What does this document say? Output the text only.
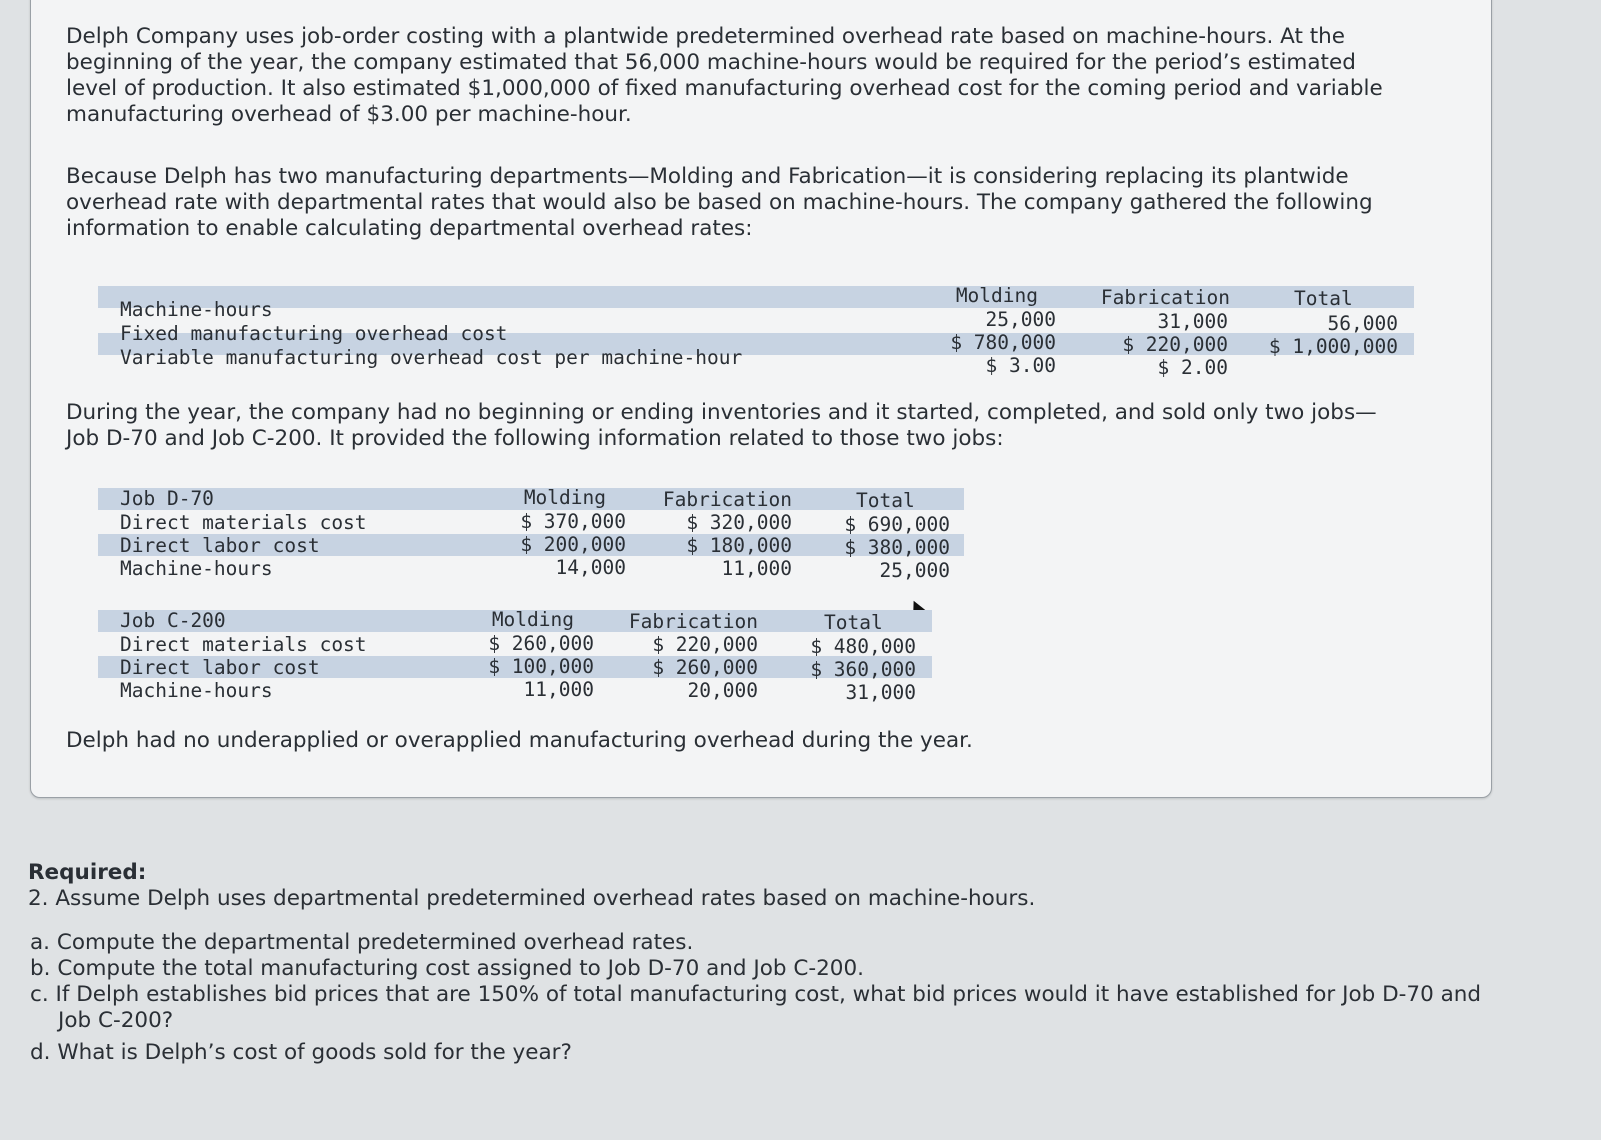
Delph Company uses job-order costing with a plantwide predetermined overhead rate based on machine-hours. At the beginning of the year, the company estimated that 56,000 machine-hours would be required for the period’s estimated level of production. It also estimated $1,000,000 of fixed manufacturing overhead cost for the coming period and variable manufacturing overhead of $3.00 per machine-hour.
Because Delph has two manufacturing departments—Molding and Fabrication—it is considering replacing its plantwide overhead rate with departmental rates that would also be based on machine-hours. The company gathered the following information to enable calculating departmental overhead rates:
Molding	Fabrication	Total
Machine-hours	25,000	31,000	56,000
Fixed manufacturing overhead cost	$ 780,000	$ 220,000	$ 1,000,000
Variable manufacturing overhead cost per machine-hour	$ 3.00	$ 2.00
During the year, the company had no beginning or ending inventories and it started, completed, and sold only two jobs—Job D-70 and Job C-200. It provided the following information related to those two jobs:
Job D-70	Molding	Fabrication	Total
Direct materials cost	$ 370,000	$ 320,000	$ 690,000
Direct labor cost	$ 200,000	$ 180,000	$ 380,000
Machine-hours	14,000	11,000	25,000
Job C-200	Molding	Fabrication	Total
Direct materials cost	$ 260,000	$ 220,000	$ 480,000
Direct labor cost	$ 100,000	$ 260,000	$ 360,000
Machine-hours	11,000	20,000	31,000
Delph had no underapplied or overapplied manufacturing overhead during the year.
Required:
2. Assume Delph uses departmental predetermined overhead rates based on machine-hours.
a. Compute the departmental predetermined overhead rates.
b. Compute the total manufacturing cost assigned to Job D-70 and Job C-200.
c. If Delph establishes bid prices that are 150% of total manufacturing cost, what bid prices would it have established for Job D-70 and Job C-200?
d. What is Delph’s cost of goods sold for the year?
